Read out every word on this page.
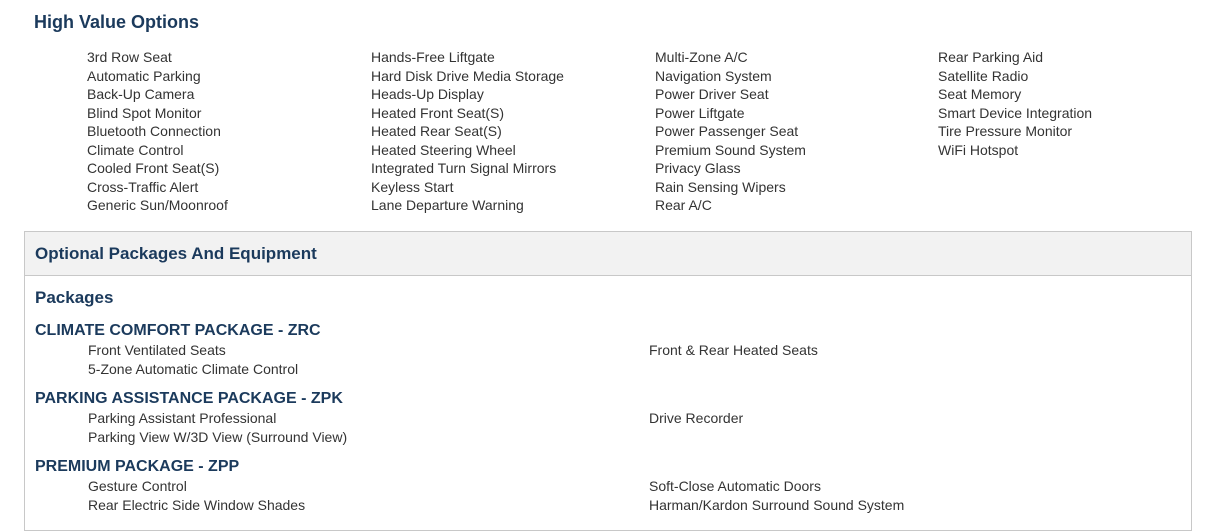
High Value Options
3rd Row Seat
Automatic Parking
Back-Up Camera
Blind Spot Monitor
Bluetooth Connection
Climate Control
Cooled Front Seat(S)
Cross-Traffic Alert
Generic Sun/Moonroof
Hands-Free Liftgate
Hard Disk Drive Media Storage
Heads-Up Display
Heated Front Seat(S)
Heated Rear Seat(S)
Heated Steering Wheel
Integrated Turn Signal Mirrors
Keyless Start
Lane Departure Warning
Multi-Zone A/C
Navigation System
Power Driver Seat
Power Liftgate
Power Passenger Seat
Premium Sound System
Privacy Glass
Rain Sensing Wipers
Rear A/C
Rear Parking Aid
Satellite Radio
Seat Memory
Smart Device Integration
Tire Pressure Monitor
WiFi Hotspot
Optional Packages And Equipment
Packages
CLIMATE COMFORT PACKAGE - ZRC
Front Ventilated Seats
5-Zone Automatic Climate Control
Front & Rear Heated Seats
PARKING ASSISTANCE PACKAGE - ZPK
Parking Assistant Professional
Parking View W/3D View (Surround View)
Drive Recorder
PREMIUM PACKAGE - ZPP
Gesture Control
Rear Electric Side Window Shades
Soft-Close Automatic Doors
Harman/Kardon Surround Sound System
